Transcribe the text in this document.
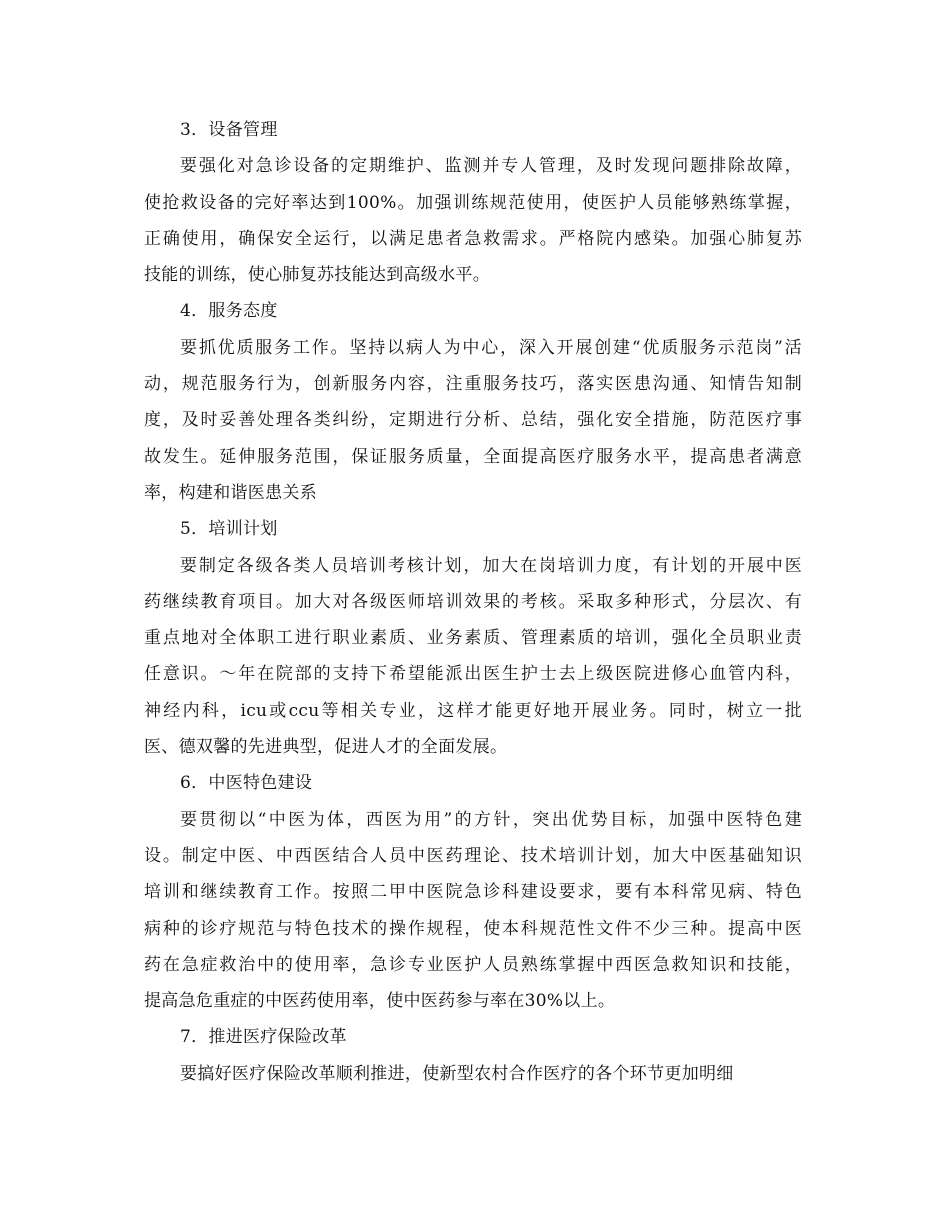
3．设备管理

要强化对急诊设备的定期维护、监测并专人管理，及时发现问题排除故障，
使抢救设备的完好率达到100%。加强训练规范使用，使医护人员能够熟练掌握，
正确使用，确保安全运行，以满足患者急救需求。严格院内感染。加强心肺复苏
技能的训练，使心肺复苏技能达到高级水平。

4．服务态度

要抓优质服务工作。坚持以病人为中心，深入开展创建“优质服务示范岗”活
动，规范服务行为，创新服务内容，注重服务技巧，落实医患沟通、知情告知制
度，及时妥善处理各类纠纷，定期进行分析、总结，强化安全措施，防范医疗事
故发生。延伸服务范围，保证服务质量，全面提高医疗服务水平，提高患者满意
率，构建和谐医患关系

5．培训计划

要制定各级各类人员培训考核计划，加大在岗培训力度，有计划的开展中医
药继续教育项目。加大对各级医师培训效果的考核。采取多种形式，分层次、有
重点地对全体职工进行职业素质、业务素质、管理素质的培训，强化全员职业责
任意识。～年在院部的支持下希望能派出医生护士去上级医院进修心血管内科，
神经内科，icu或ccu等相关专业，这样才能更好地开展业务。同时，树立一批
医、德双馨的先进典型，促进人才的全面发展。

6．中医特色建设

要贯彻以“中医为体，西医为用”的方针，突出优势目标，加强中医特色建
设。制定中医、中西医结合人员中医药理论、技术培训计划，加大中医基础知识
培训和继续教育工作。按照二甲中医院急诊科建设要求，要有本科常见病、特色
病种的诊疗规范与特色技术的操作规程，使本科规范性文件不少三种。提高中医
药在急症救治中的使用率，急诊专业医护人员熟练掌握中西医急救知识和技能，
提高急危重症的中医药使用率，使中医药参与率在30%以上。

7．推进医疗保险改革

要搞好医疗保险改革顺利推进，使新型农村合作医疗的各个环节更加明细
